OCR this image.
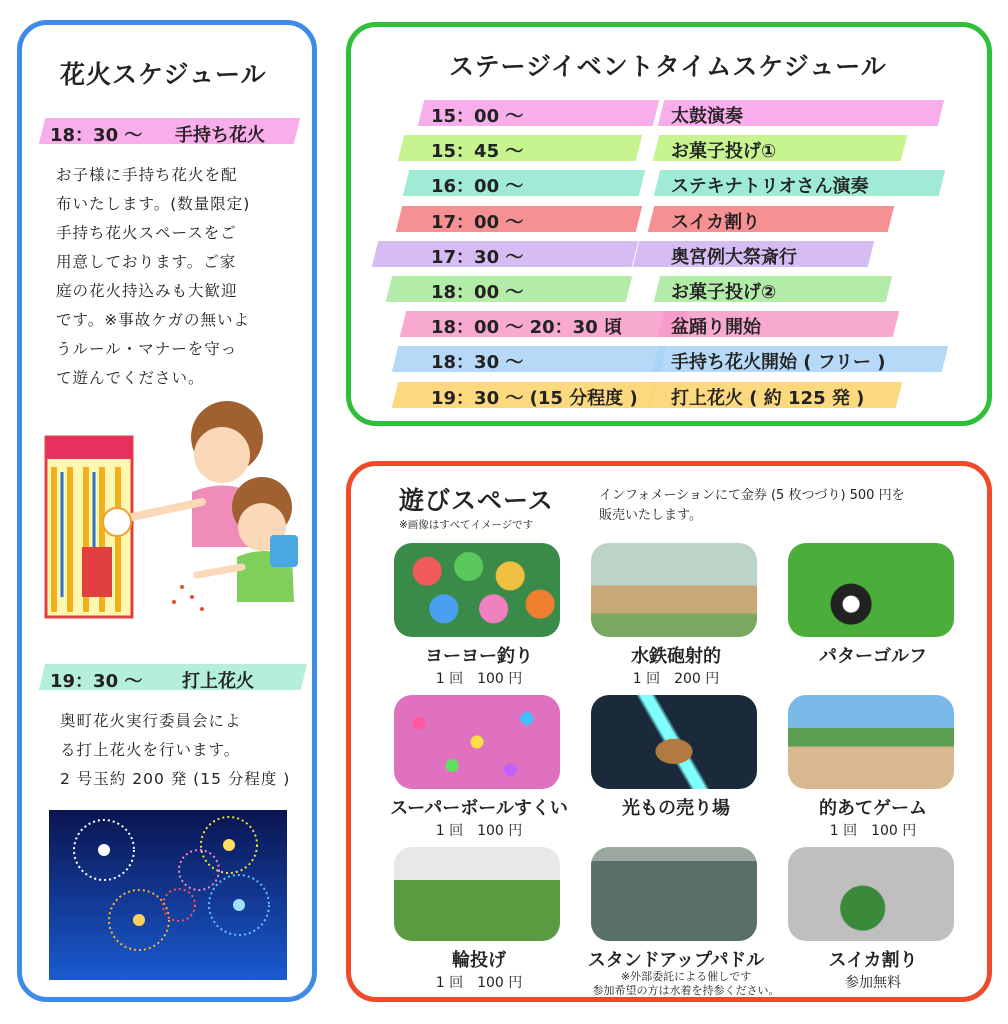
花火スケジュール
18：30 ～ 手持ち花火
お子様に手持ち花火を配
布いたします。(数量限定)
手持ち花火スペースをご
用意しております。ご家
庭の花火持込みも大歓迎
です。※事故ケガの無いよ
うルール・マナーを守っ
て遊んでください。
19：30 ～ 打上花火
奥町花火実行委員会によ
る打上花火を行います。
2 号玉約 200 発 (15 分程度 )
ステージイベントタイムスケジュール
15：00 ～	太鼓演奏
15：45 ～	お菓子投げ①
16：00 ～	ステキナトリオさん演奏
17：00 ～	スイカ割り
17：30 ～	奥宮例大祭斎行
18：00 ～	お菓子投げ②
18：00 ～ 20：30 頃	盆踊り開始
18：30 ～	手持ち花火開始 ( フリー )
19：30 ～ (15 分程度 ) 打上花火 ( 約 125 発 )
遊びスペース
※画像はすべてイメージです
インフォメーションにて金券 (5 枚つづり) 500 円を
販売いたします。
ヨーヨー釣り
1 回　100 円
水鉄砲射的
1 回　200 円
パターゴルフ
スーパーボールすくい
1 回　100 円
光もの売り場	的あてゲーム
1 回　100 円
輪投げ
1 回　100 円
スタンドアップパドル
※外部委託による催しです
参加希望の方は水着を持参ください。
スイカ割り
参加無料
